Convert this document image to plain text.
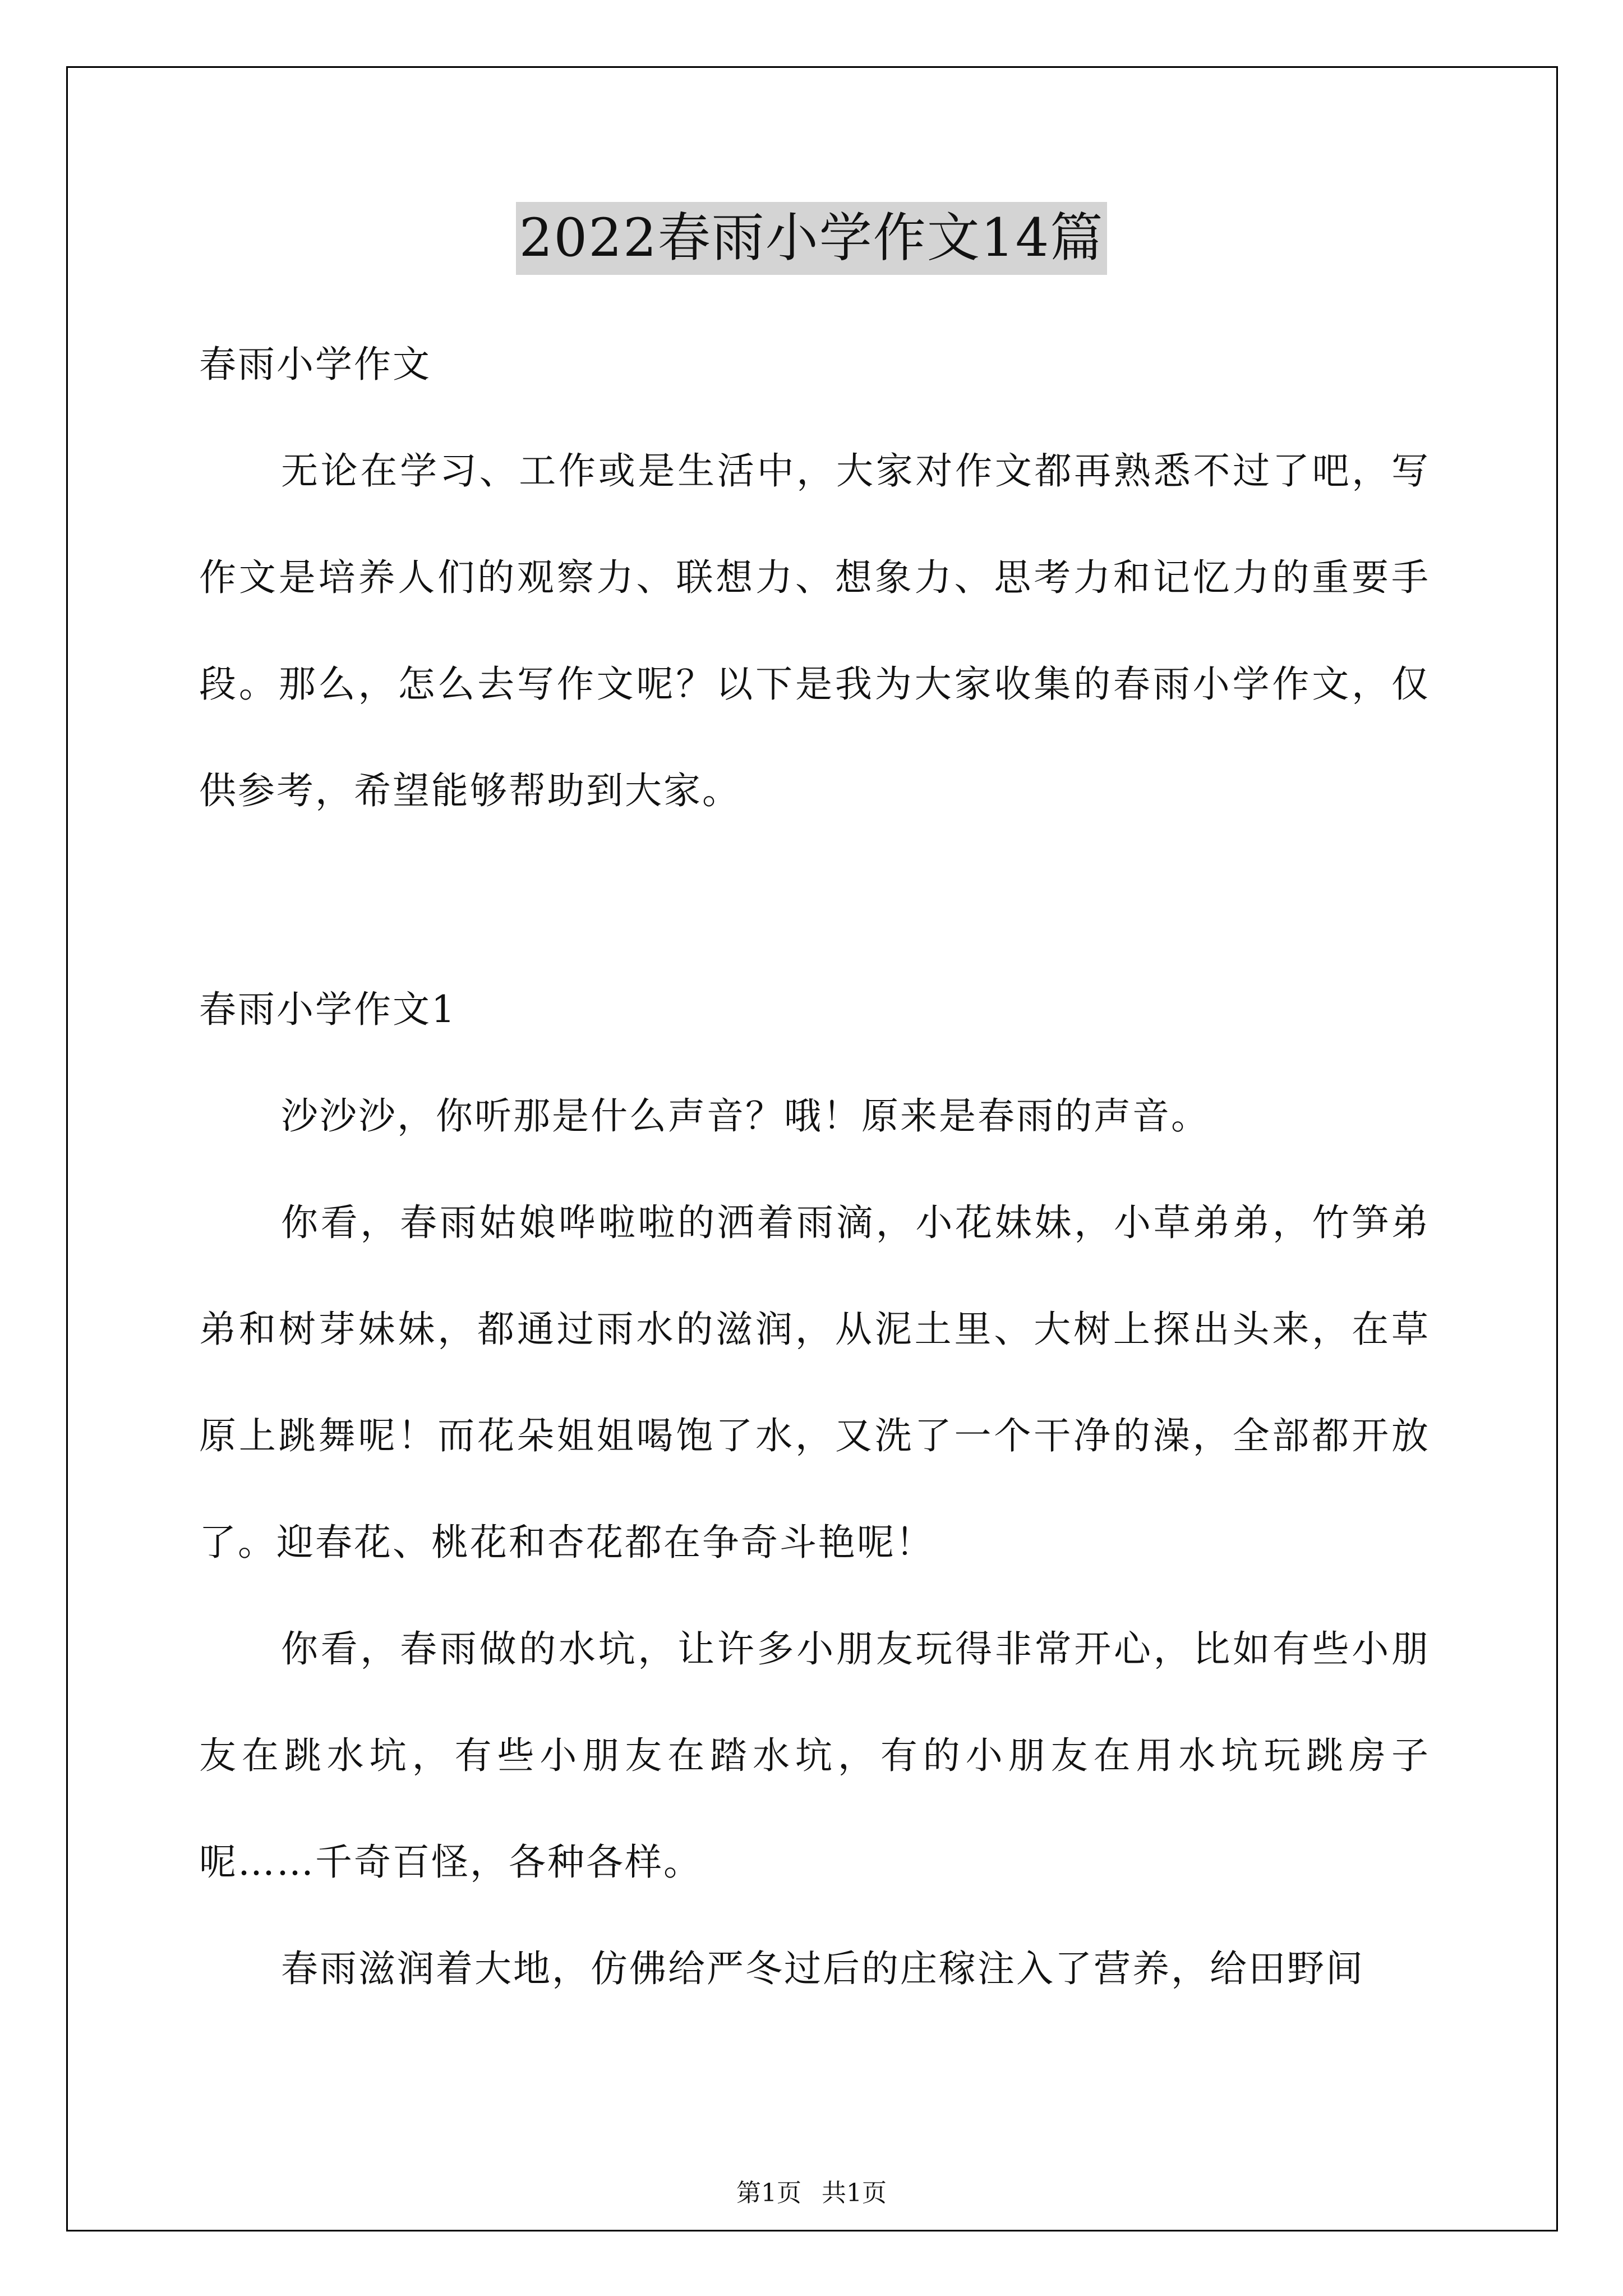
2022春雨小学作文14篇

春雨小学作文

无论在学习、工作或是生活中，大家对作文都再熟悉不过了吧，写作文是培养人们的观察力、联想力、想象力、思考力和记忆力的重要手段。那么，怎么去写作文呢？以下是我为大家收集的春雨小学作文，仅供参考，希望能够帮助到大家。

春雨小学作文1

沙沙沙，你听那是什么声音？哦！原来是春雨的声音。

你看，春雨姑娘哗啦啦的洒着雨滴，小花妹妹，小草弟弟，竹笋弟弟和树芽妹妹，都通过雨水的滋润，从泥土里、大树上探出头来，在草原上跳舞呢！而花朵姐姐喝饱了水，又洗了一个干净的澡，全部都开放了。迎春花、桃花和杏花都在争奇斗艳呢！

你看，春雨做的水坑，让许多小朋友玩得非常开心，比如有些小朋友在跳水坑，有些小朋友在踏水坑，有的小朋友在用水坑玩跳房子呢……千奇百怪，各种各样。

春雨滋润着大地，仿佛给严冬过后的庄稼注入了营养，给田野间

第1页 共1页
